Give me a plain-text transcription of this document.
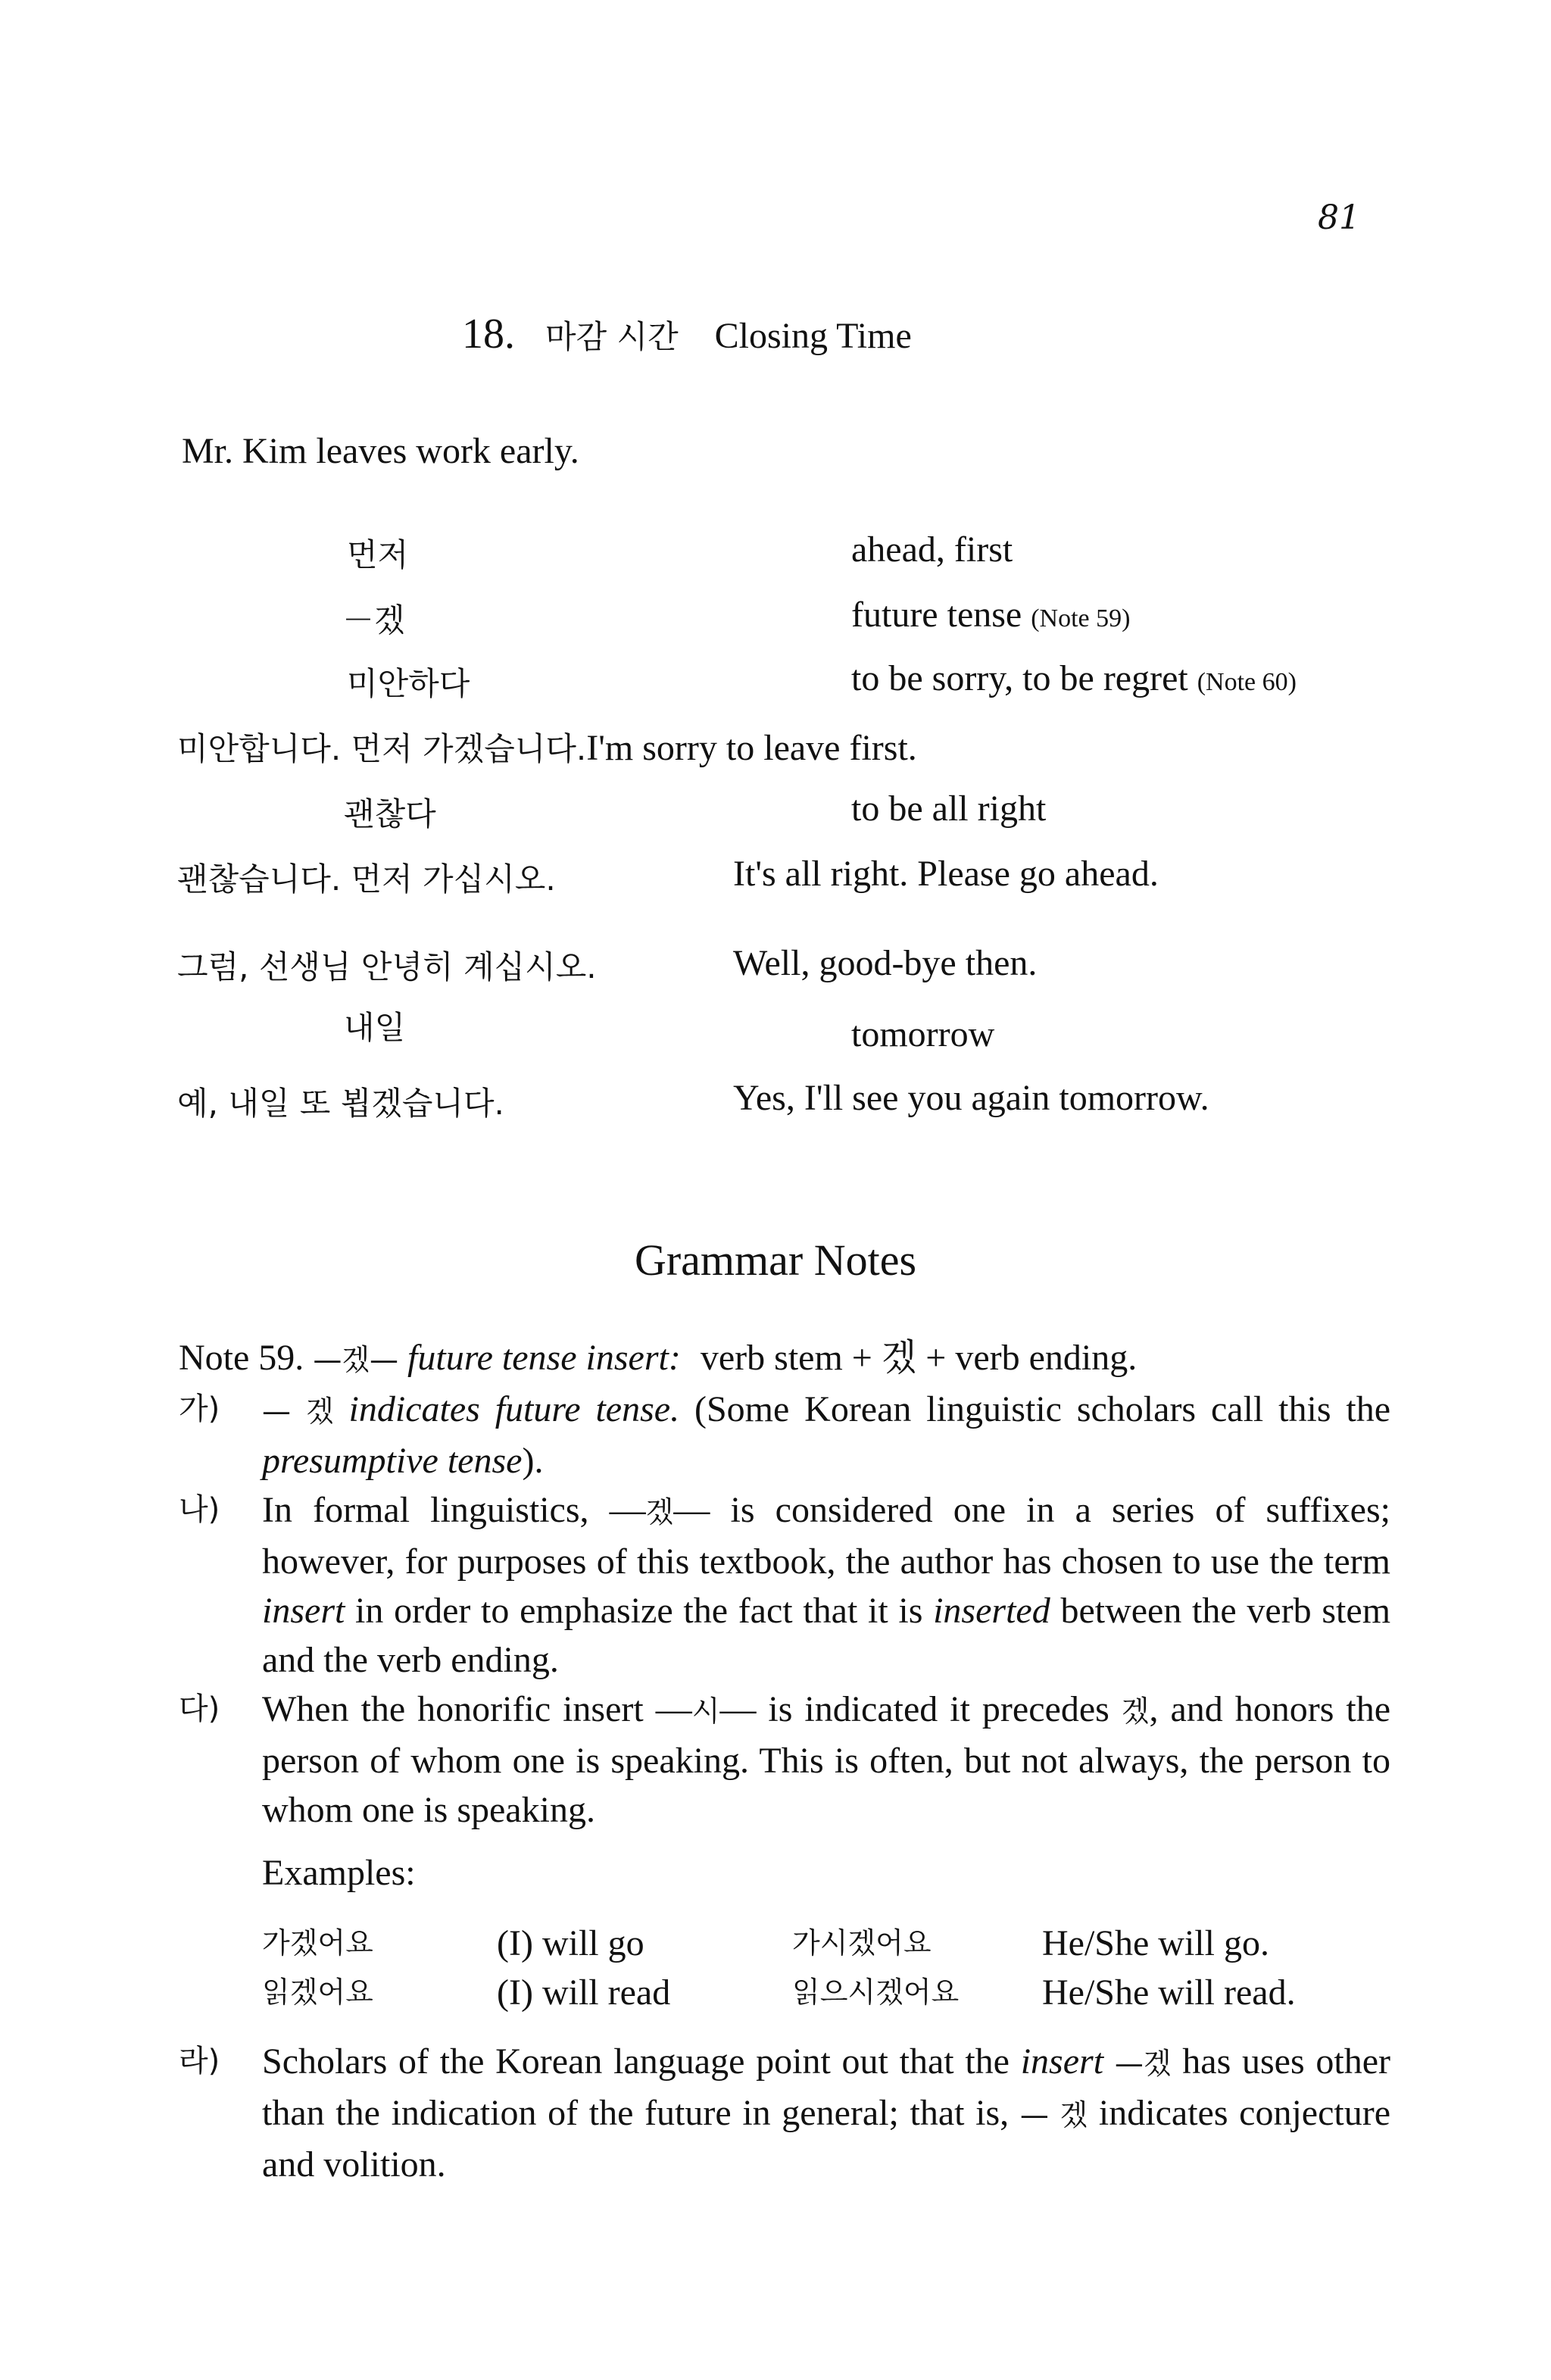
81
18. 마감 시간 Closing Time
Mr. Kim leaves work early.
먼저	ahead, first
－겠	future tense (Note 59)
미안하다	to be sorry, to be regret (Note 60)
미안합니다. 먼저 가겠습니다.I'm sorry to leave first.
괜찮다	to be all right
괜찮습니다. 먼저 가십시오.	It's all right. Please go ahead.
그럼, 선생님 안녕히 계십시오.	Well, good-bye then.
내일	tomorrow
예, 내일 또 뵙겠습니다.	Yes, I'll see you again tomorrow.
Grammar Notes
Note 59. —겠— future tense insert: verb stem + 겠 + verb ending.
가) — 겠 indicates future tense. (Some Korean linguistic scholars call this the presumptive tense).
나) In formal linguistics, —겠— is considered one in a series of suffixes; however, for purposes of this textbook, the author has chosen to use the term insert in order to emphasize the fact that it is inserted between the verb stem and the verb ending.
다) When the honorific insert —시— is indicated it precedes 겠, and honors the person of whom one is speaking. This is often, but not always, the person to whom one is speaking.
Examples:
가겠어요	(I) will go	가시겠어요	He/She will go.
읽겠어요	(I) will read	읽으시겠어요	He/She will read.
라) Scholars of the Korean language point out that the insert —겠 has uses other than the indication of the future in general; that is, — 겠 indicates conjecture and volition.
